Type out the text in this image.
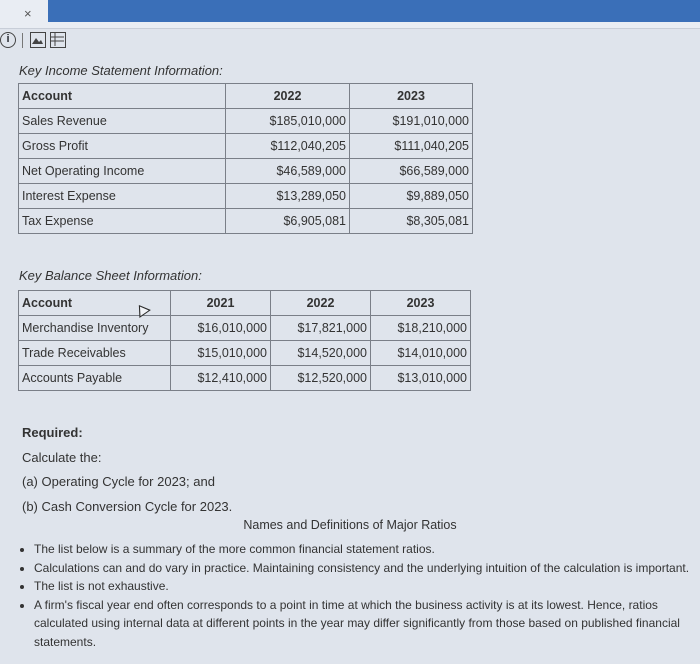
×
i
Key Income Statement Information:
Account	2022	2023
Sales Revenue	$185,010,000	$191,010,000
Gross Profit	$112,040,205	$111,040,205
Net Operating Income	$46,589,000	$66,589,000
Interest Expense	$13,289,050	$9,889,050
Tax Expense	$6,905,081	$8,305,081
Key Balance Sheet Information:
Account	2021	2022	2023
Merchandise Inventory	$16,010,000	$17,821,000	$18,210,000
Trade Receivables	$15,010,000	$14,520,000	$14,010,000
Accounts Payable	$12,410,000	$12,520,000	$13,010,000
Required:
Calculate the:
(a) Operating Cycle for 2023; and
(b) Cash Conversion Cycle for 2023.
Names and Definitions of Major Ratios
• The list below is a summary of the more common financial statement ratios.
• Calculations can and do vary in practice. Maintaining consistency and the underlying intuition of the calculation is important.
• The list is not exhaustive.
• A firm's fiscal year end often corresponds to a point in time at which the business activity is at its lowest. Hence, ratios calculated using internal data at different points in the year may differ significantly from those based on published financial statements.
